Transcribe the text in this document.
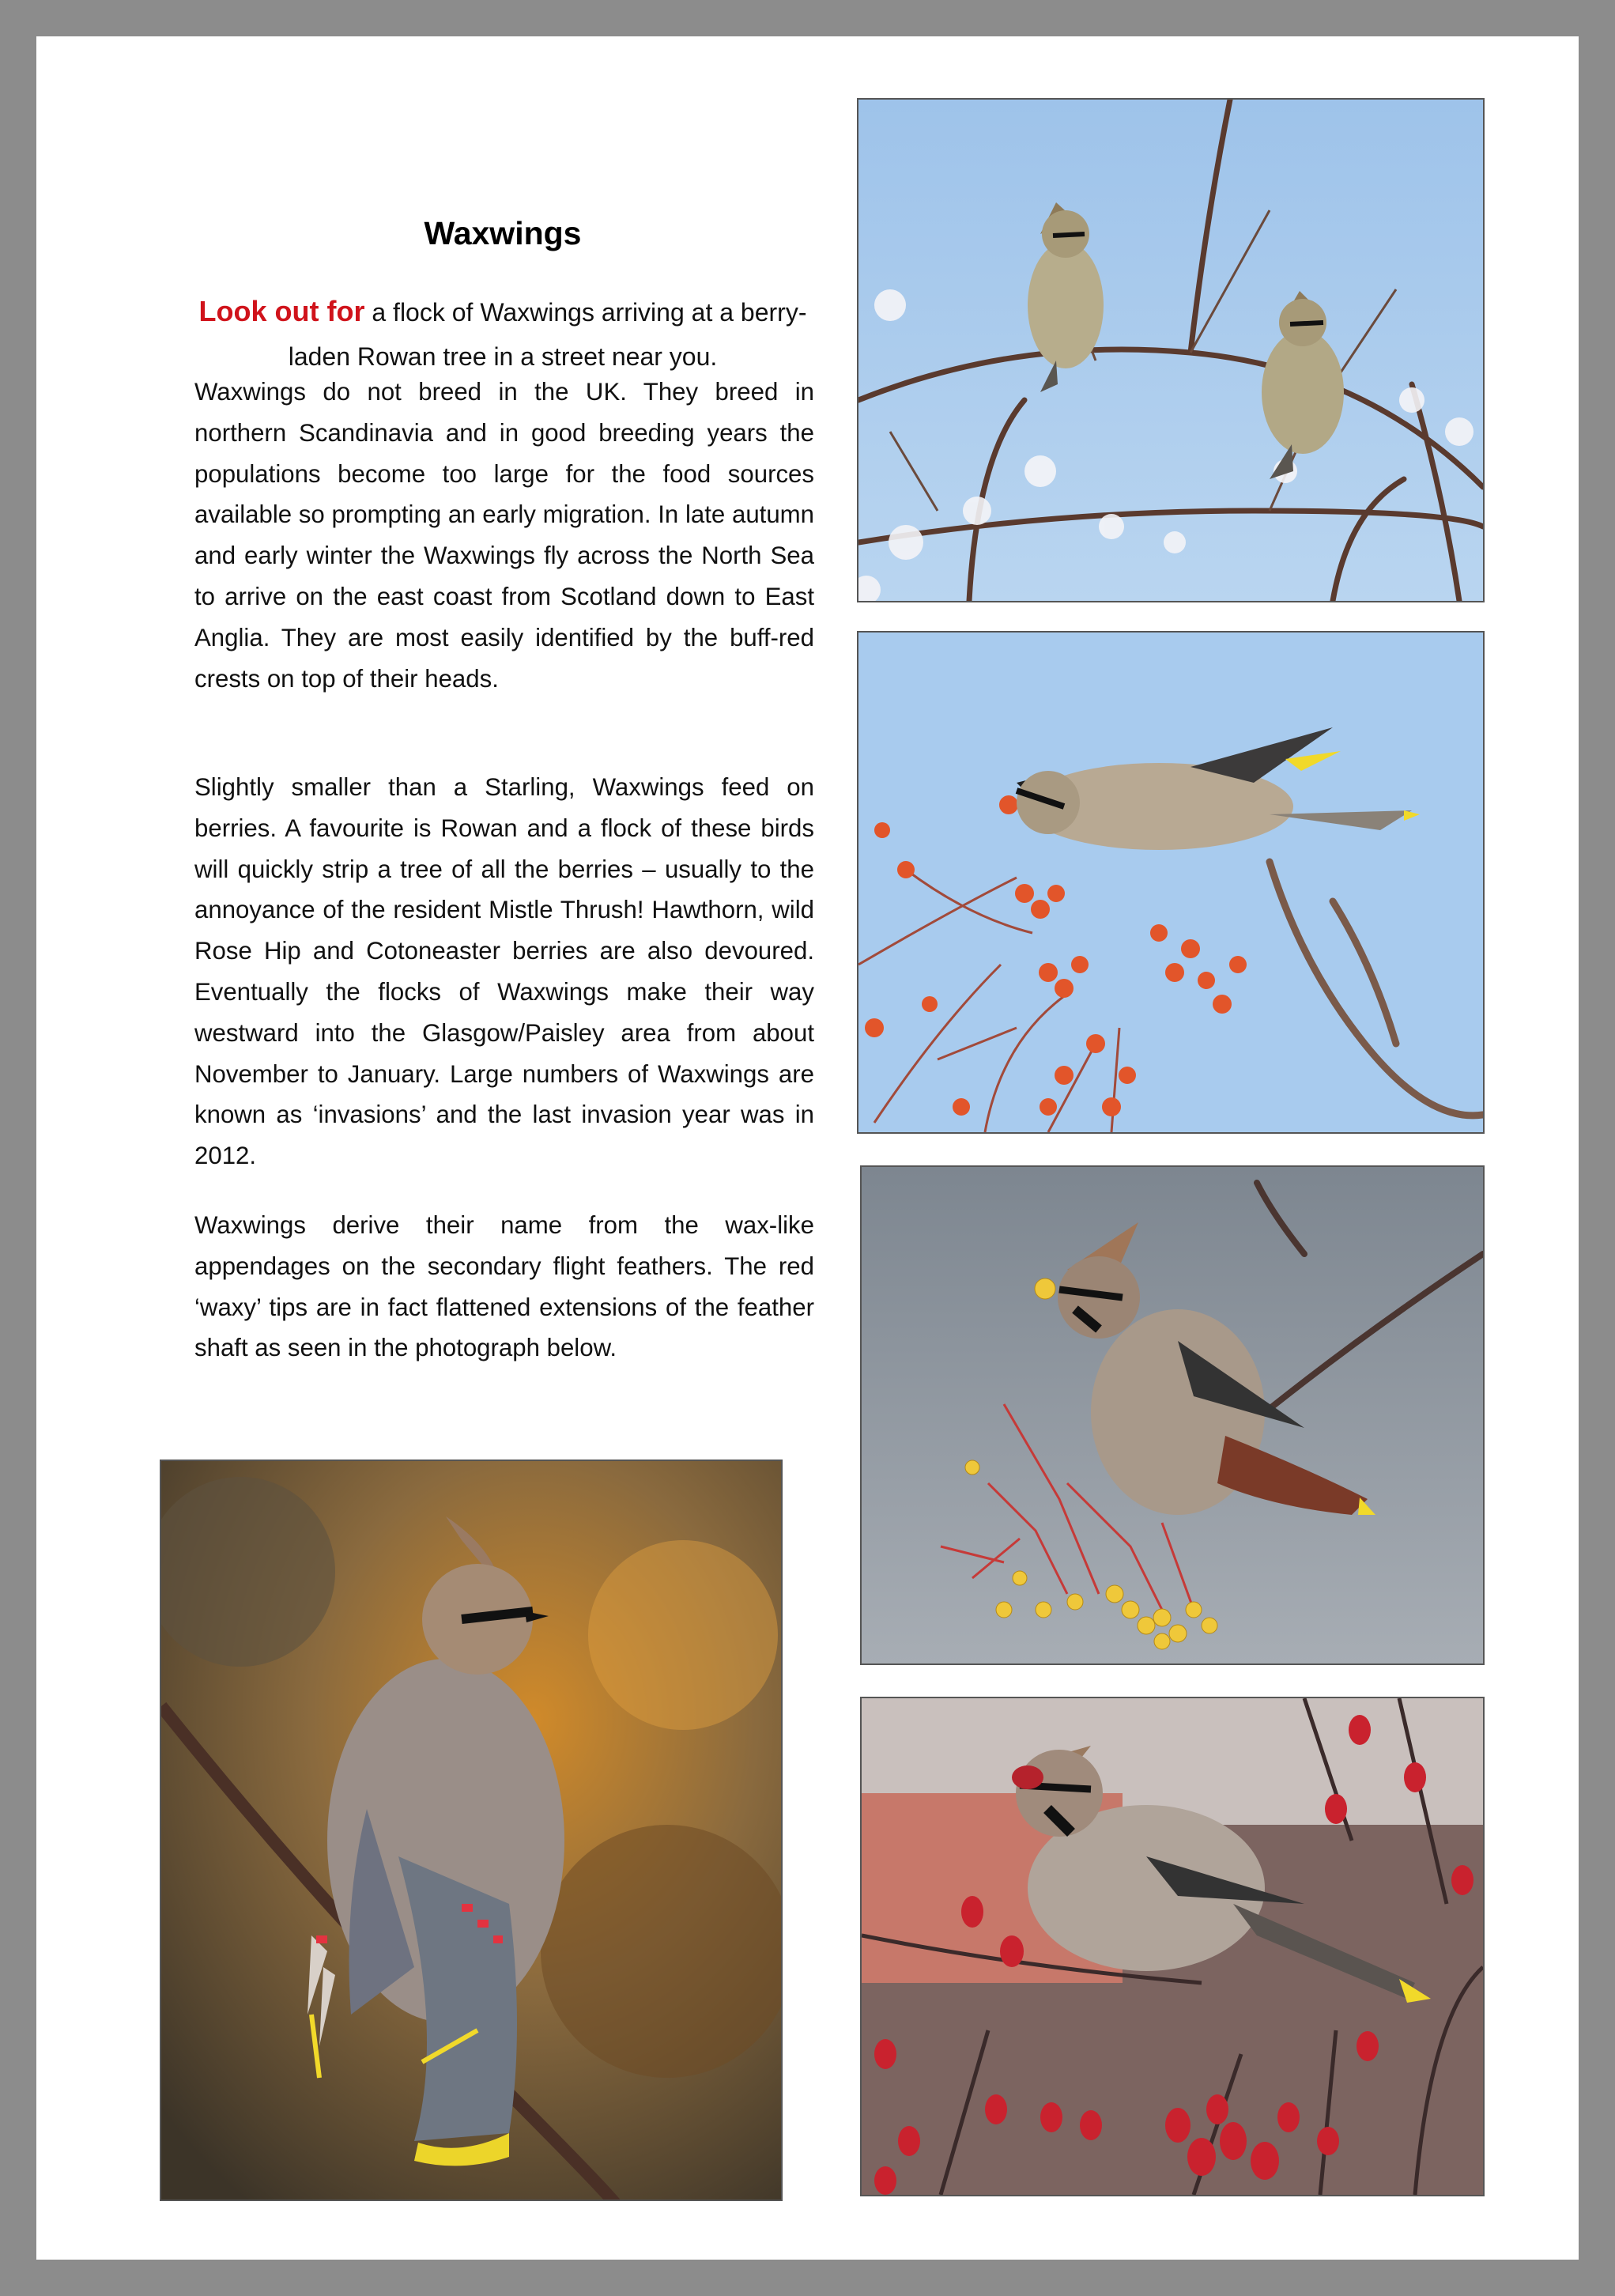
Waxwings
Look out for a flock of Waxwings arriving at a berry-laden Rowan tree in a street near you.
Waxwings do not breed in the UK. They breed in northern Scandinavia and in good breeding years the populations become too large for the food sources available so prompting an early migration. In late autumn and early winter the Waxwings fly across the North Sea to arrive on the east coast from Scotland down to East Anglia. They are most easily identified by the buff-red crests on top of their heads.
Slightly smaller than a Starling, Waxwings feed on berries. A favourite is Rowan and a flock of these birds will quickly strip a tree of all the berries – usually to the annoyance of the resident Mistle Thrush! Hawthorn, wild Rose Hip and Cotoneaster berries are also devoured. Eventually the flocks of Waxwings make their way westward into the Glasgow/Paisley area from about November to January. Large numbers of Waxwings are known as ‘invasions’ and the last invasion year was in 2012.
Waxwings derive their name from the wax-like appendages on the secondary flight feathers. The red ‘waxy’ tips are in fact flattened extensions of the feather shaft as seen in the photograph below.
